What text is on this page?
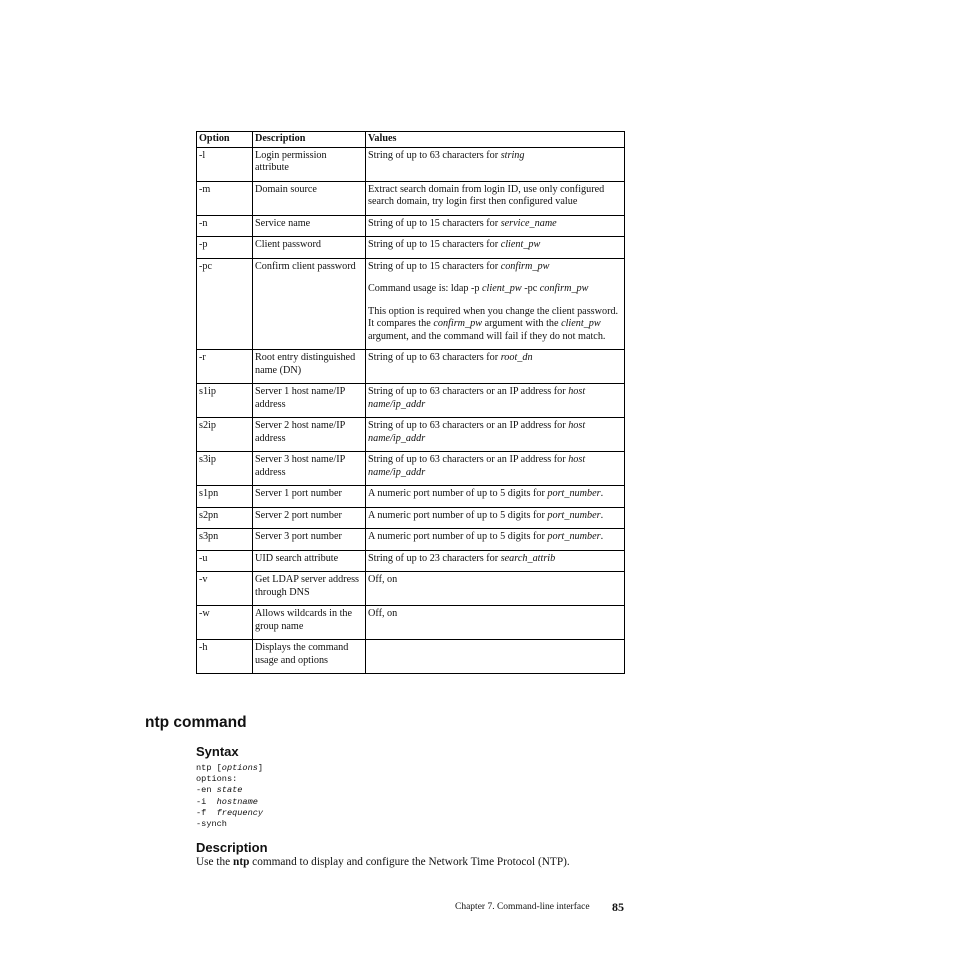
Option	Description	Values
-l	Login permission attribute	String of up to 63 characters for string

-m	Domain source	Extract search domain from login ID, use only configured search domain, try login first then configured value

-n	Service name	String of up to 15 characters for service_name

-p	Client password	String of up to 15 characters for client_pw

-pc	Confirm client password	String of up to 15 characters for confirm_pw
Command usage is: ldap -p client_pw -pc confirm_pw
This option is required when you change the client password. It compares the confirm_pw argument with the client_pw argument, and the command will fail if they do not match.

-r	Root entry distinguished name (DN)	String of up to 63 characters for root_dn

s1ip	Server 1 host name/IP address	String of up to 63 characters or an IP address for host name/ip_addr

s2ip	Server 2 host name/IP address	String of up to 63 characters or an IP address for host name/ip_addr

s3ip	Server 3 host name/IP address	String of up to 63 characters or an IP address for host name/ip_addr

s1pn	Server 1 port number	A numeric port number of up to 5 digits for port_number.

s2pn	Server 2 port number	A numeric port number of up to 5 digits for port_number.

s3pn	Server 3 port number	A numeric port number of up to 5 digits for port_number.

-u	UID search attribute	String of up to 23 characters for search_attrib

-v	Get LDAP server address through DNS	Off, on

-w	Allows wildcards in the group name	Off, on

-h	Displays the command usage and options	
ntp command
Syntax
ntp [options]
options:
-en state
-i  hostname
-f  frequency
-synch
Description

Use the ntp command to display and configure the Network Time Protocol (NTP).

Chapter 7. Command-line interface 85
